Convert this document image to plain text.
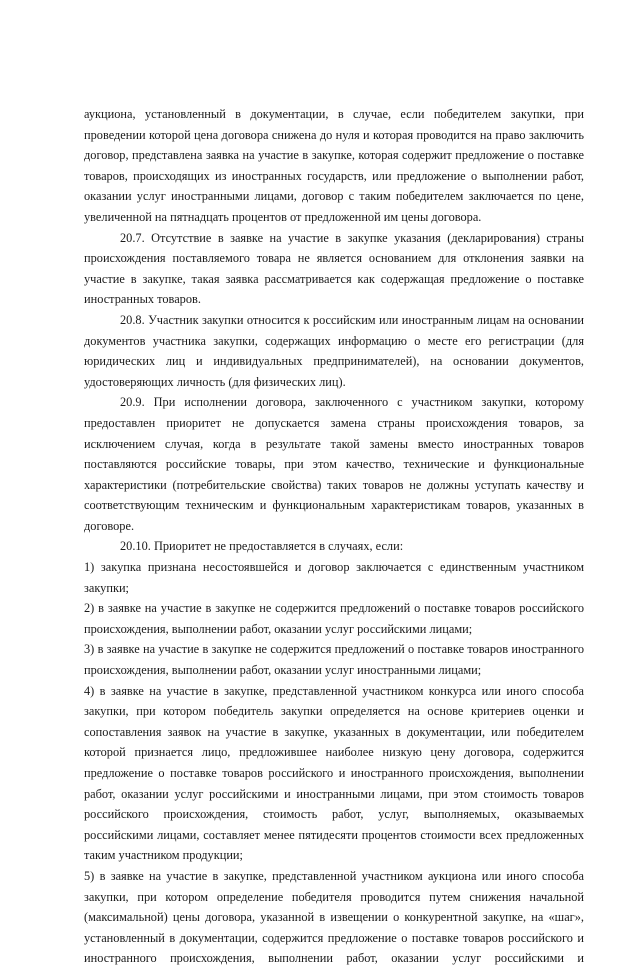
аукциона, установленный в документации, в случае, если победителем закупки, при проведении которой цена договора снижена до нуля и которая проводится на право заключить договор, представлена заявка на участие в закупке, которая содержит предложение о поставке товаров, происходящих из иностранных государств, или предложение о выполнении работ, оказании услуг иностранными лицами, договор с таким победителем заключается по цене, увеличенной на пятнадцать процентов от предложенной им цены договора.

20.7. Отсутствие в заявке на участие в закупке указания (декларирования) страны происхождения поставляемого товара не является основанием для отклонения заявки на участие в закупке, такая заявка рассматривается как содержащая предложение о поставке иностранных товаров.

20.8. Участник закупки относится к российским или иностранным лицам на основании документов участника закупки, содержащих информацию о месте его регистрации (для юридических лиц и индивидуальных предпринимателей), на основании документов, удостоверяющих личность (для физических лиц).

20.9. При исполнении договора, заключенного с участником закупки, которому предоставлен приоритет не допускается замена страны происхождения товаров, за исключением случая, когда в результате такой замены вместо иностранных товаров поставляются российские товары, при этом качество, технические и функциональные характеристики (потребительские свойства) таких товаров не должны уступать качеству и соответствующим техническим и функциональным характеристикам товаров, указанных в договоре.

20.10. Приоритет не предоставляется в случаях, если:

1) закупка признана несостоявшейся и договор заключается с единственным участником закупки;

2) в заявке на участие в закупке не содержится предложений о поставке товаров российского происхождения, выполнении работ, оказании услуг российскими лицами;

3) в заявке на участие в закупке не содержится предложений о поставке товаров иностранного происхождения, выполнении работ, оказании услуг иностранными лицами;

4) в заявке на участие в закупке, представленной участником конкурса или иного способа закупки, при котором победитель закупки определяется на основе критериев оценки и сопоставления заявок на участие в закупке, указанных в документации, или победителем которой признается лицо, предложившее наиболее низкую цену договора, содержится предложение о поставке товаров российского и иностранного происхождения, выполнении работ, оказании услуг российскими и иностранными лицами, при этом стоимость товаров российского происхождения, стоимость работ, услуг, выполняемых, оказываемых российскими лицами, составляет менее пятидесяти процентов стоимости всех предложенных таким участником продукции;

5) в заявке на участие в закупке, представленной участником аукциона или иного способа закупки, при котором определение победителя проводится путем снижения начальной (максимальной) цены договора, указанной в извещении о конкурентной закупке, на «шаг», установленный в документации, содержится предложение о поставке товаров российского и иностранного происхождения, выполнении работ, оказании услуг российскими и
